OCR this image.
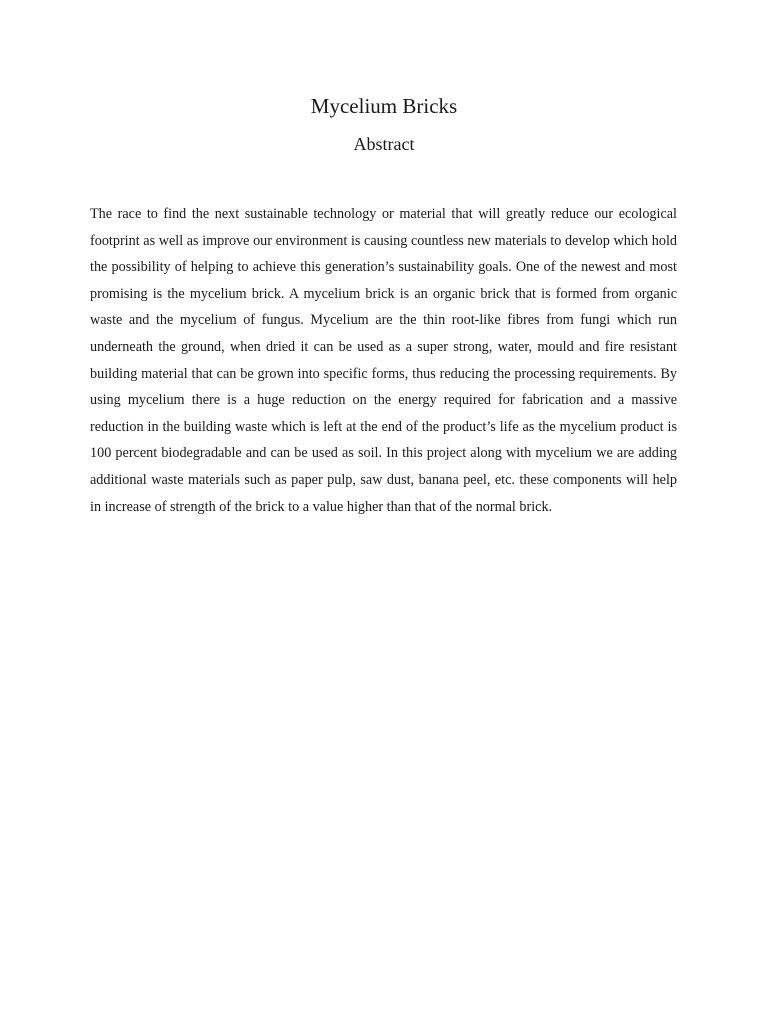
Mycelium Bricks
Abstract

The race to find the next sustainable technology or material that will greatly reduce our ecological footprint as well as improve our environment is causing countless new materials to develop which hold the possibility of helping to achieve this generation’s sustainability goals. One of the newest and most promising is the mycelium brick. A mycelium brick is an organic brick that is formed from organic waste and the mycelium of fungus. Mycelium are the thin root-like fibres from fungi which run underneath the ground, when dried it can be used as a super strong, water, mould and fire resistant building material that can be grown into specific forms, thus reducing the processing requirements. By using mycelium there is a huge reduction on the energy required for fabrication and a massive reduction in the building waste which is left at the end of the product’s life as the mycelium product is 100 percent biodegradable and can be used as soil. In this project along with mycelium we are adding additional waste materials such as paper pulp, saw dust, banana peel, etc. these components will help in increase of strength of the brick to a value higher than that of the normal brick.
